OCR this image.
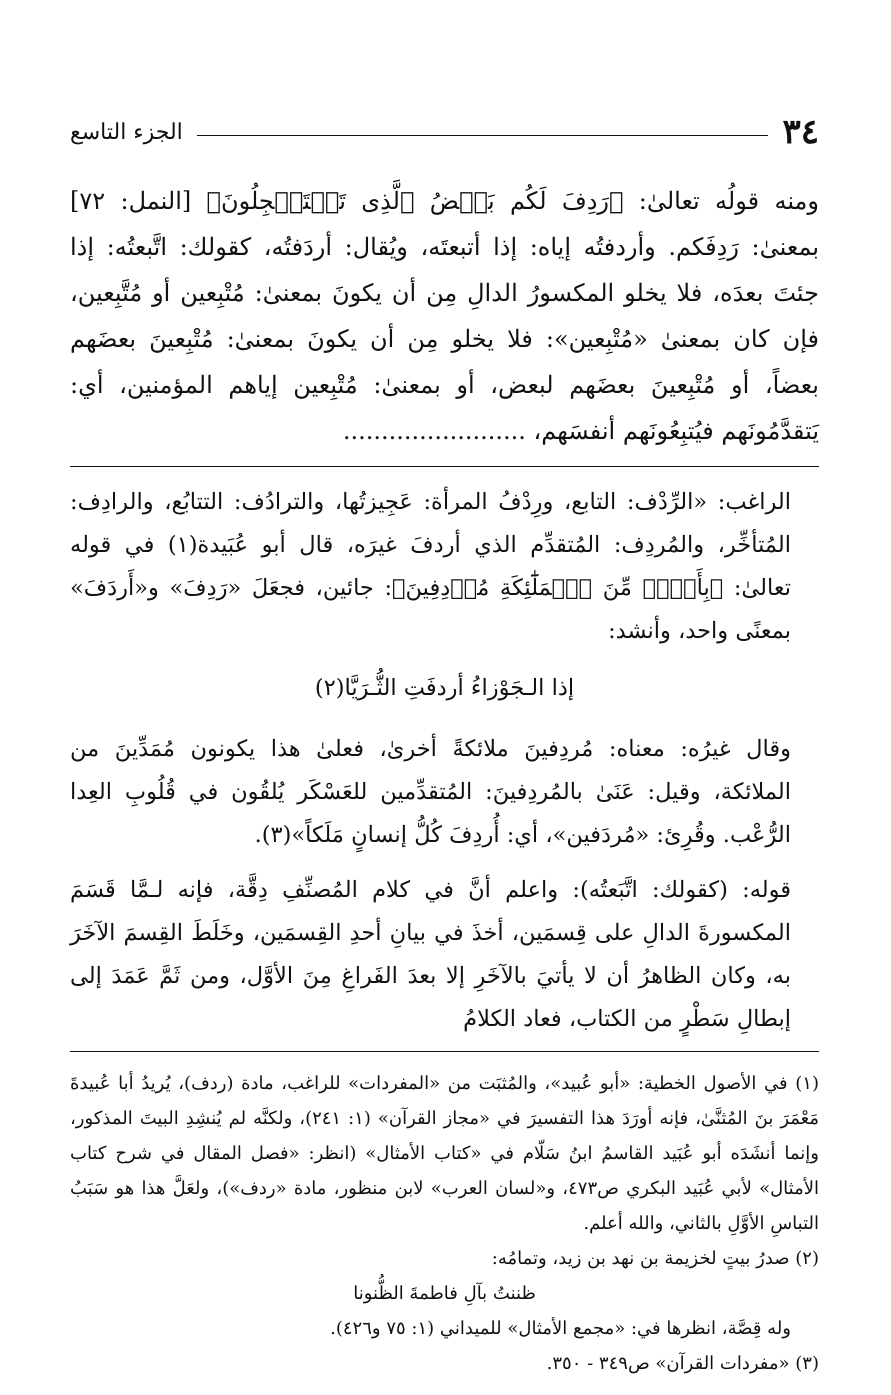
٣٤
الجزء التاسع

ومنه قولُه تعالىٰ: ﴿رَدِفَ لَكُم بَعۡضُ ٱلَّذِى تَسۡتَعۡجِلُونَ﴾ [النمل: ٧٢] بمعنىٰ: رَدِفَكم. وأردفتُه إياه: إذا أتبعتَه، ويُقال: أردَفتُه، كقولك: اتَّبعتُه: إذا جئتَ بعدَه، فلا يخلو المكسورُ الدالِ مِن أن يكونَ بمعنىٰ: مُتْبِعين أو مُتَّبِعين، فإن كان بمعنىٰ «مُتْبِعين»: فلا يخلو مِن أن يكونَ بمعنىٰ: مُتْبِعينَ بعضَهم بعضاً، أو مُتْبِعينَ بعضَهم لبعض، أو بمعنىٰ: مُتْبِعين إياهم المؤمنين، أي: يَتقدَّمُونَهم فيُتبِعُونَهم أنفسَهم، ........................

الراغب: «الرِّدْف: التابع، ورِدْفُ المرأة: عَجِيزتُها، والترادُف: التتابُع، والرادِف: المُتأخِّر، والمُردِف: المُتقدِّم الذي أردفَ غيرَه، قال أبو عُبَيدة(١) في قوله تعالىٰ: ﴿بِأَلۡفٖ مِّنَ ٱلۡمَلَٰٓئِكَةِ مُرۡدِفِينَ﴾: جائين، فجعَلَ «رَدِفَ» و«أَردَفَ» بمعنًى واحد، وأنشد:

إذا الـجَوْزاءُ أردفَتِ الثُّـرَيَّا(٢)

وقال غيرُه: معناه: مُردِفينَ ملائكةً أخرىٰ، فعلىٰ هذا يكونون مُمَدِّينَ من الملائكة، وقيل: عَنَىٰ بالمُردِفينَ: المُتقدِّمين للعَسْكَر يُلقُون في قُلُوبِ العِدا الرُّعْب. وقُرِئ: «مُردَفين»، أي: أُردِفَ كُلُّ إنسانٍ مَلَكاً»(٣).

قوله: (كقولك: اتَّبَعتُه): واعلم أنَّ في كلام المُصنِّفِ دِقَّة، فإنه لـمَّا قَسَمَ المكسورةَ الدالِ على قِسمَين، أخذَ في بيانِ أحدِ القِسمَين، وخَلَطَ القِسمَ الآخَرَ به، وكان الظاهرُ أن لا يأتيَ بالآخَرِ إلا بعدَ الفَراغِ مِنَ الأوَّل، ومن ثَمَّ عَمَدَ إلى إبطالِ سَطْرٍ من الكتاب، فعاد الكلامُ

(١) في الأصول الخطية: «أبو عُبيد»، والمُثبَت من «المفردات» للراغب، مادة (ردف)، يُريدُ أبا عُبيدةَ مَعْمَرَ بنَ المُثنَّىٰ، فإنه أورَدَ هذا التفسيرَ في «مجاز القرآن» (١: ٢٤١)، ولكنَّه لم يُنشِدِ البيتَ المذكور، وإنما أنشَدَه أبو عُبَيد القاسمُ ابنُ سَلّام في «كتاب الأمثال» (انظر: «فصل المقال في شرح كتاب الأمثال» لأبي عُبَيد البكري ص٤٧٣، و«لسان العرب» لابن منظور، مادة «ردف»)، ولعَلَّ هذا هو سَبَبُ التباسِ الأوَّلِ بالثاني، والله أعلم.

(٢) صدرُ بيتٍ لخزيمة بن نهد بن زيد، وتمامُه:

ظننتُ بآلِ فاطمةَ الظُّنونا

وله قِصَّة، انظرها في: «مجمع الأمثال» للميداني (١: ٧٥ و٤٢٦).

(٣) «مفردات القرآن» ص٣٤٩ - ٣٥٠.
